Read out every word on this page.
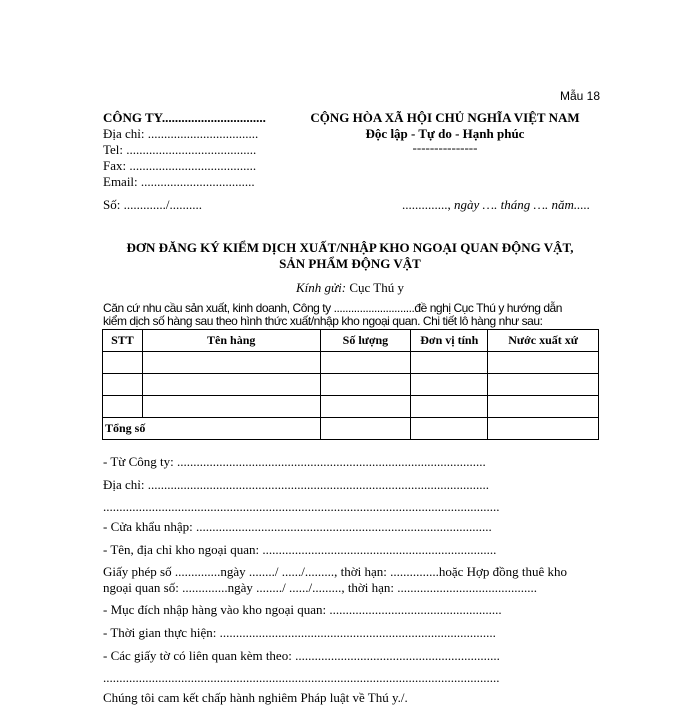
Mẫu 18
CÔNG TY................................
Địa chỉ: ..................................
Tel: ........................................
Fax: .......................................
Email: ...................................
Số: ............./..........
CỘNG HÒA XÃ HỘI CHỦ NGHĨA VIỆT NAM
Độc lập - Tự do - Hạnh phúc
---------------
.............., ngày …. tháng …. năm.....
ĐƠN ĐĂNG KÝ KIỂM DỊCH XUẤT/NHẬP KHO NGOẠI QUAN ĐỘNG VẬT,
SẢN PHẨM ĐỘNG VẬT
Kính gửi: Cục Thú y
Căn cứ nhu cầu sản xuất, kinh doanh, Công ty ............................đề nghị Cục Thú y hướng dẫn
kiểm dịch số hàng sau theo hình thức xuất/nhập kho ngoại quan. Chi tiết lô hàng như sau:
STT	Tên hàng	Số lượng	Đơn vị tính	Nước xuất xứ

Tổng số				
- Từ Công ty: ...............................................................................................
Địa chỉ: .........................................................................................................
..........................................................................................................................
- Cửa khẩu nhập: ...........................................................................................
- Tên, địa chỉ kho ngoại quan: ........................................................................
Giấy phép số ..............ngày ......../ ....../........., thời hạn: ...............hoặc Hợp đồng thuê kho
ngoại quan số: ..............ngày ......../ ....../........., thời hạn: ...........................................
- Mục đích nhập hàng vào kho ngoại quan: .....................................................
- Thời gian thực hiện: .....................................................................................
- Các giấy tờ có liên quan kèm theo: ...............................................................
..........................................................................................................................
Chúng tôi cam kết chấp hành nghiêm Pháp luật về Thú y./.
